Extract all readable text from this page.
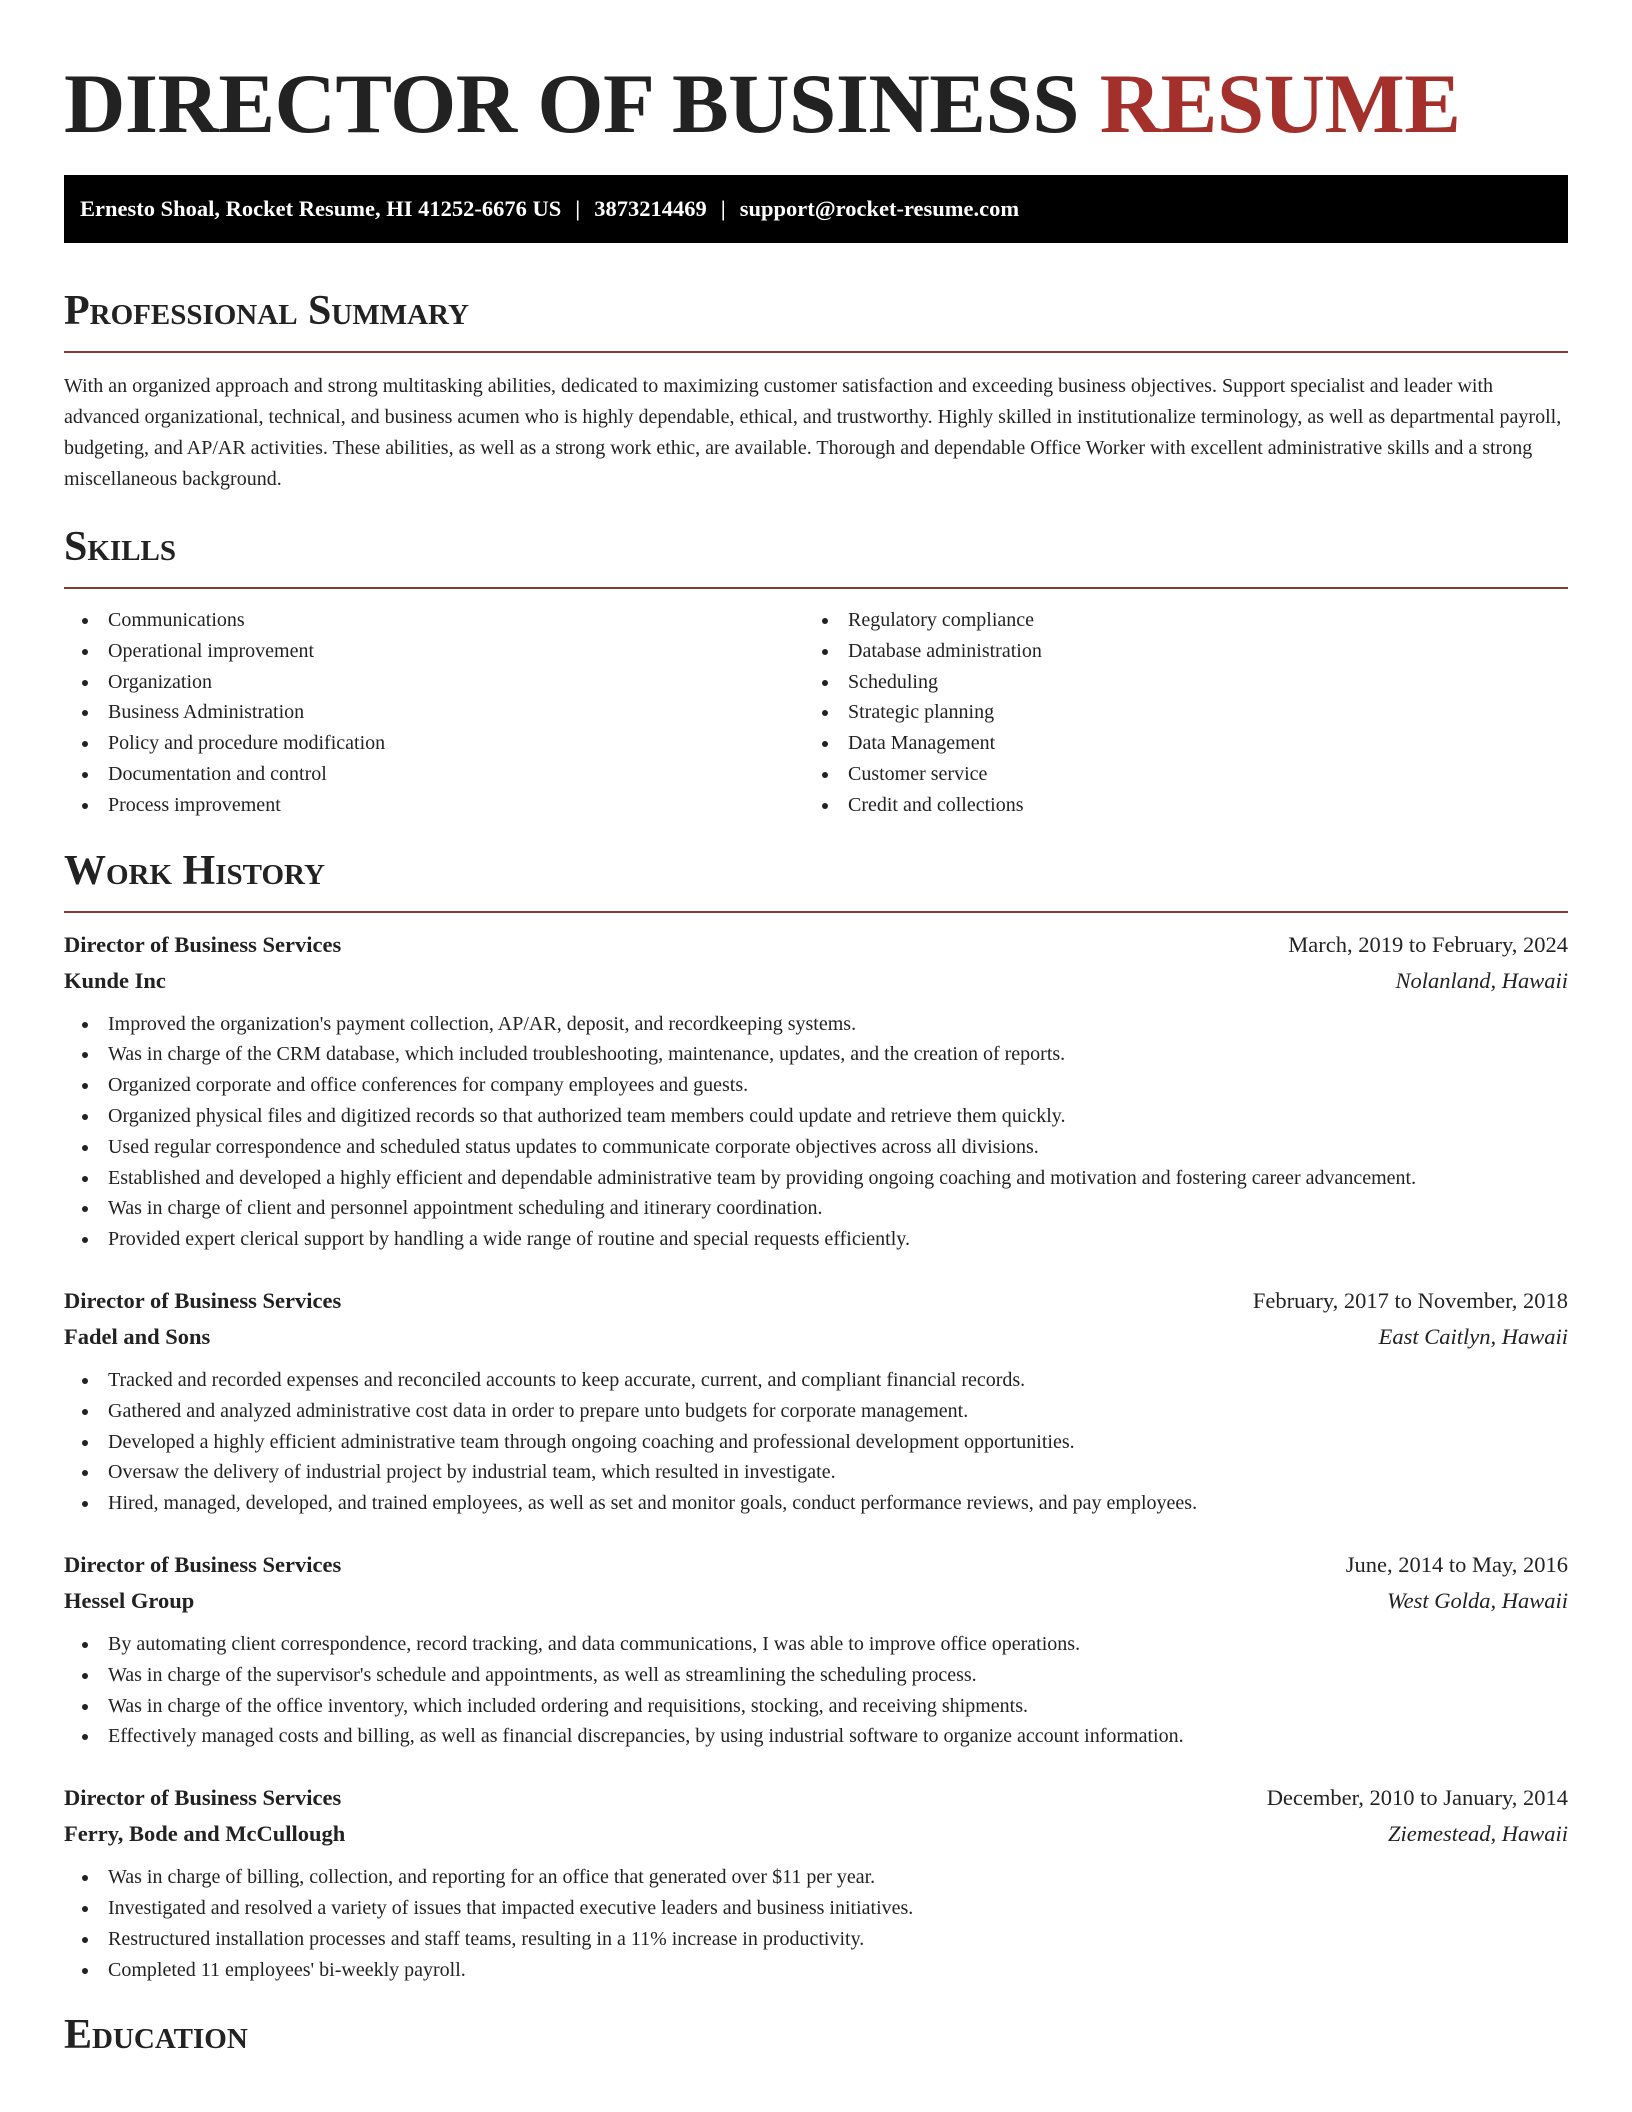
DIRECTOR OF BUSINESS RESUME
Ernesto Shoal, Rocket Resume, HI 41252-6676 US | 3873214469 | support@rocket-resume.com
Professional Summary

With an organized approach and strong multitasking abilities, dedicated to maximizing customer satisfaction and exceeding business objectives. Support specialist and leader with advanced organizational, technical, and business acumen who is highly dependable, ethical, and trustworthy. Highly skilled in institutionalize terminology, as well as departmental payroll, budgeting, and AP/AR activities. These abilities, as well as a strong work ethic, are available. Thorough and dependable Office Worker with excellent administrative skills and a strong miscellaneous background.

Skills
Communications
Operational improvement
Organization
Business Administration
Policy and procedure modification
Documentation and control
Process improvement
Regulatory compliance
Database administration
Scheduling
Strategic planning
Data Management
Customer service
Credit and collections
Work History
Director of Business Services	March, 2019 to February, 2024
Kunde Inc	Nolanland, Hawaii
Improved the organization's payment collection, AP/AR, deposit, and recordkeeping systems.
Was in charge of the CRM database, which included troubleshooting, maintenance, updates, and the creation of reports.
Organized corporate and office conferences for company employees and guests.
Organized physical files and digitized records so that authorized team members could update and retrieve them quickly.
Used regular correspondence and scheduled status updates to communicate corporate objectives across all divisions.
Established and developed a highly efficient and dependable administrative team by providing ongoing coaching and motivation and fostering career advancement.
Was in charge of client and personnel appointment scheduling and itinerary coordination.
Provided expert clerical support by handling a wide range of routine and special requests efficiently.
Director of Business Services	February, 2017 to November, 2018
Fadel and Sons	East Caitlyn, Hawaii
Tracked and recorded expenses and reconciled accounts to keep accurate, current, and compliant financial records.
Gathered and analyzed administrative cost data in order to prepare unto budgets for corporate management.
Developed a highly efficient administrative team through ongoing coaching and professional development opportunities.
Oversaw the delivery of industrial project by industrial team, which resulted in investigate.
Hired, managed, developed, and trained employees, as well as set and monitor goals, conduct performance reviews, and pay employees.
Director of Business Services	June, 2014 to May, 2016
Hessel Group	West Golda, Hawaii
By automating client correspondence, record tracking, and data communications, I was able to improve office operations.
Was in charge of the supervisor's schedule and appointments, as well as streamlining the scheduling process.
Was in charge of the office inventory, which included ordering and requisitions, stocking, and receiving shipments.
Effectively managed costs and billing, as well as financial discrepancies, by using industrial software to organize account information.
Director of Business Services	December, 2010 to January, 2014
Ferry, Bode and McCullough	Ziemestead, Hawaii
Was in charge of billing, collection, and reporting for an office that generated over $11 per year.
Investigated and resolved a variety of issues that impacted executive leaders and business initiatives.
Restructured installation processes and staff teams, resulting in a 11% increase in productivity.
Completed 11 employees' bi-weekly payroll.
Education
